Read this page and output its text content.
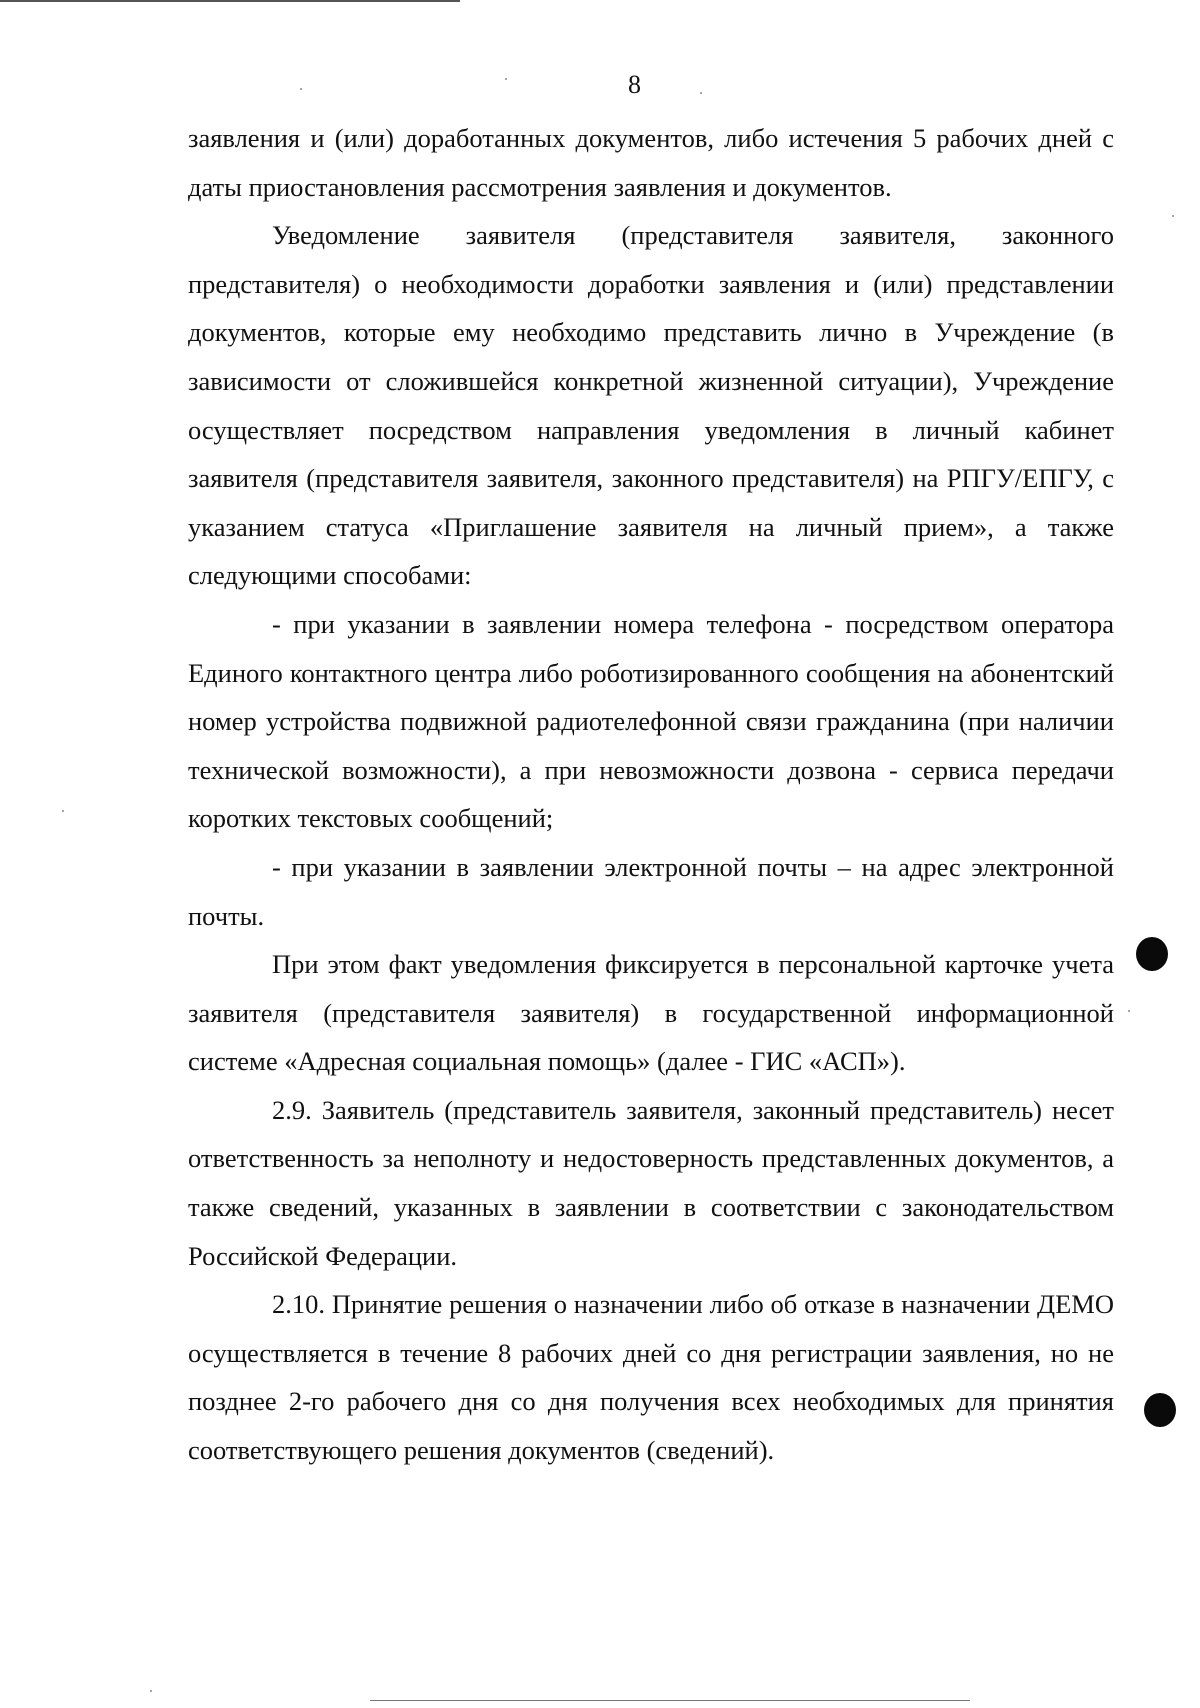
8

заявления и (или) доработанных документов, либо истечения 5 рабочих дней с даты приостановления рассмотрения заявления и документов.

Уведомление заявителя (представителя заявителя, законного представителя) о необходимости доработки заявления и (или) представлении документов, которые ему необходимо представить лично в Учреждение (в зависимости от сложившейся конкретной жизненной ситуации), Учреждение осуществляет посредством направления уведомления в личный кабинет заявителя (представителя заявителя, законного представителя) на РПГУ/ЕПГУ, с указанием статуса «Приглашение заявителя на личный прием», а также следующими способами:

- при указании в заявлении номера телефона - посредством оператора Единого контактного центра либо роботизированного сообщения на абонентский номер устройства подвижной радиотелефонной связи гражданина (при наличии технической возможности), а при невозможности дозвона - сервиса передачи коротких текстовых сообщений;

- при указании в заявлении электронной почты – на адрес электронной почты.

При этом факт уведомления фиксируется в персональной карточке учета заявителя (представителя заявителя) в государственной информационной системе «Адресная социальная помощь» (далее - ГИС «АСП»).

2.9. Заявитель (представитель заявителя, законный представитель) несет ответственность за неполноту и недостоверность представленных документов, а также сведений, указанных в заявлении в соответствии с законодательством Российской Федерации.

2.10. Принятие решения о назначении либо об отказе в назначении ДЕМО осуществляется в течение 8 рабочих дней со дня регистрации заявления, но не позднее 2-го рабочего дня со дня получения всех необходимых для принятия соответствующего решения документов (сведений).
